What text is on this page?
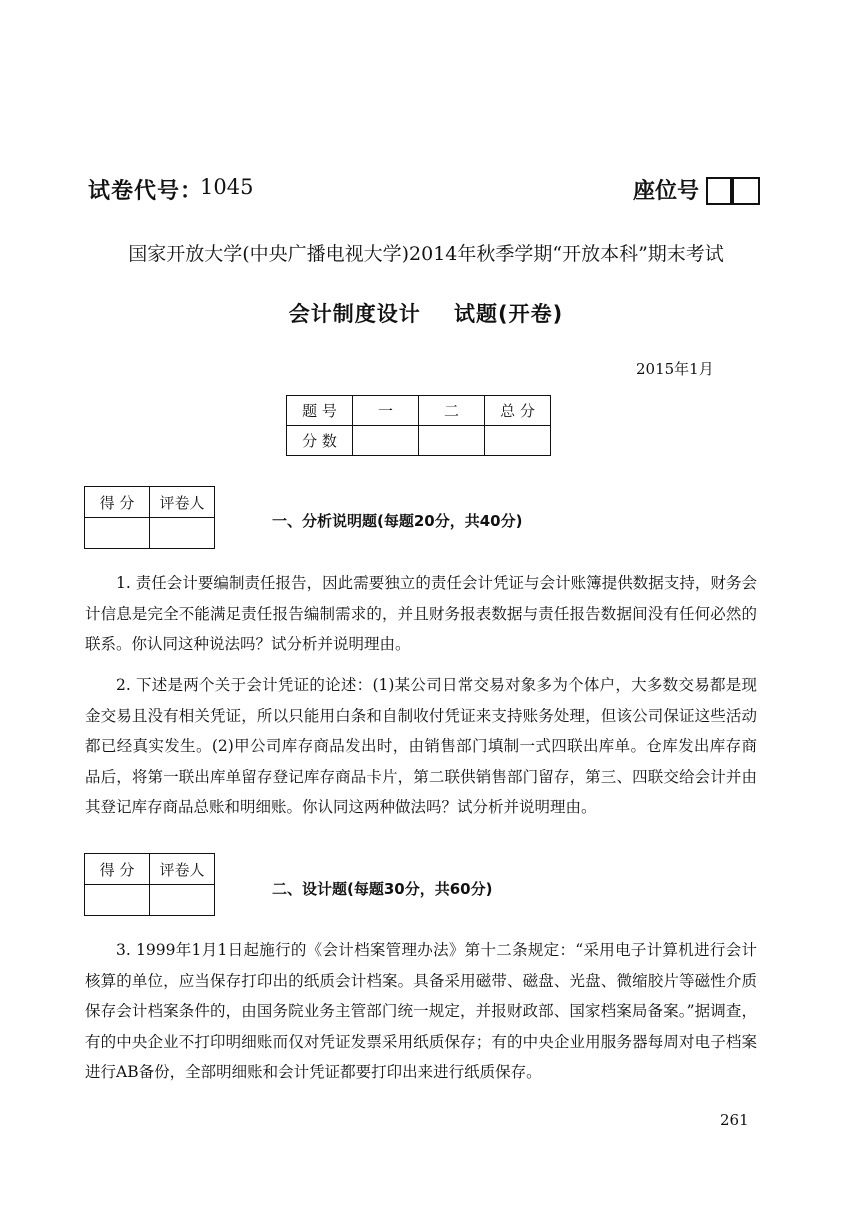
试卷代号：
1045	座位号
国家开放大学(中央广播电视大学)2014年秋季学期“开放本科”期末考试
会计制度设计    试题(开卷)
2015年1月
题 号	一	二	总 分
分 数			
得 分	评卷人

一、分析说明题(每题20分，共40分)
1. 责任会计要编制责任报告，因此需要独立的责任会计凭证与会计账簿提供数据支持，财务会计信息是完全不能满足责任报告编制需求的，并且财务报表数据与责任报告数据间没有任何必然的联系。你认同这种说法吗？试分析并说明理由。
2. 下述是两个关于会计凭证的论述：(1)某公司日常交易对象多为个体户，大多数交易都是现金交易且没有相关凭证，所以只能用白条和自制收付凭证来支持账务处理，但该公司保证这些活动都已经真实发生。(2)甲公司库存商品发出时，由销售部门填制一式四联出库单。仓库发出库存商品后，将第一联出库单留存登记库存商品卡片，第二联供销售部门留存，第三、四联交给会计并由其登记库存商品总账和明细账。你认同这两种做法吗？试分析并说明理由。
得 分	评卷人

二、设计题(每题30分，共60分)
3. 1999年1月1日起施行的《会计档案管理办法》第十二条规定：“采用电子计算机进行会计核算的单位，应当保存打印出的纸质会计档案。具备采用磁带、磁盘、光盘、微缩胶片等磁性介质保存会计档案条件的，由国务院业务主管部门统一规定，并报财政部、国家档案局备案。”据调查，有的中央企业不打印明细账而仅对凭证发票采用纸质保存；有的中央企业用服务器每周对电子档案进行AB备份，全部明细账和会计凭证都要打印出来进行纸质保存。
261
